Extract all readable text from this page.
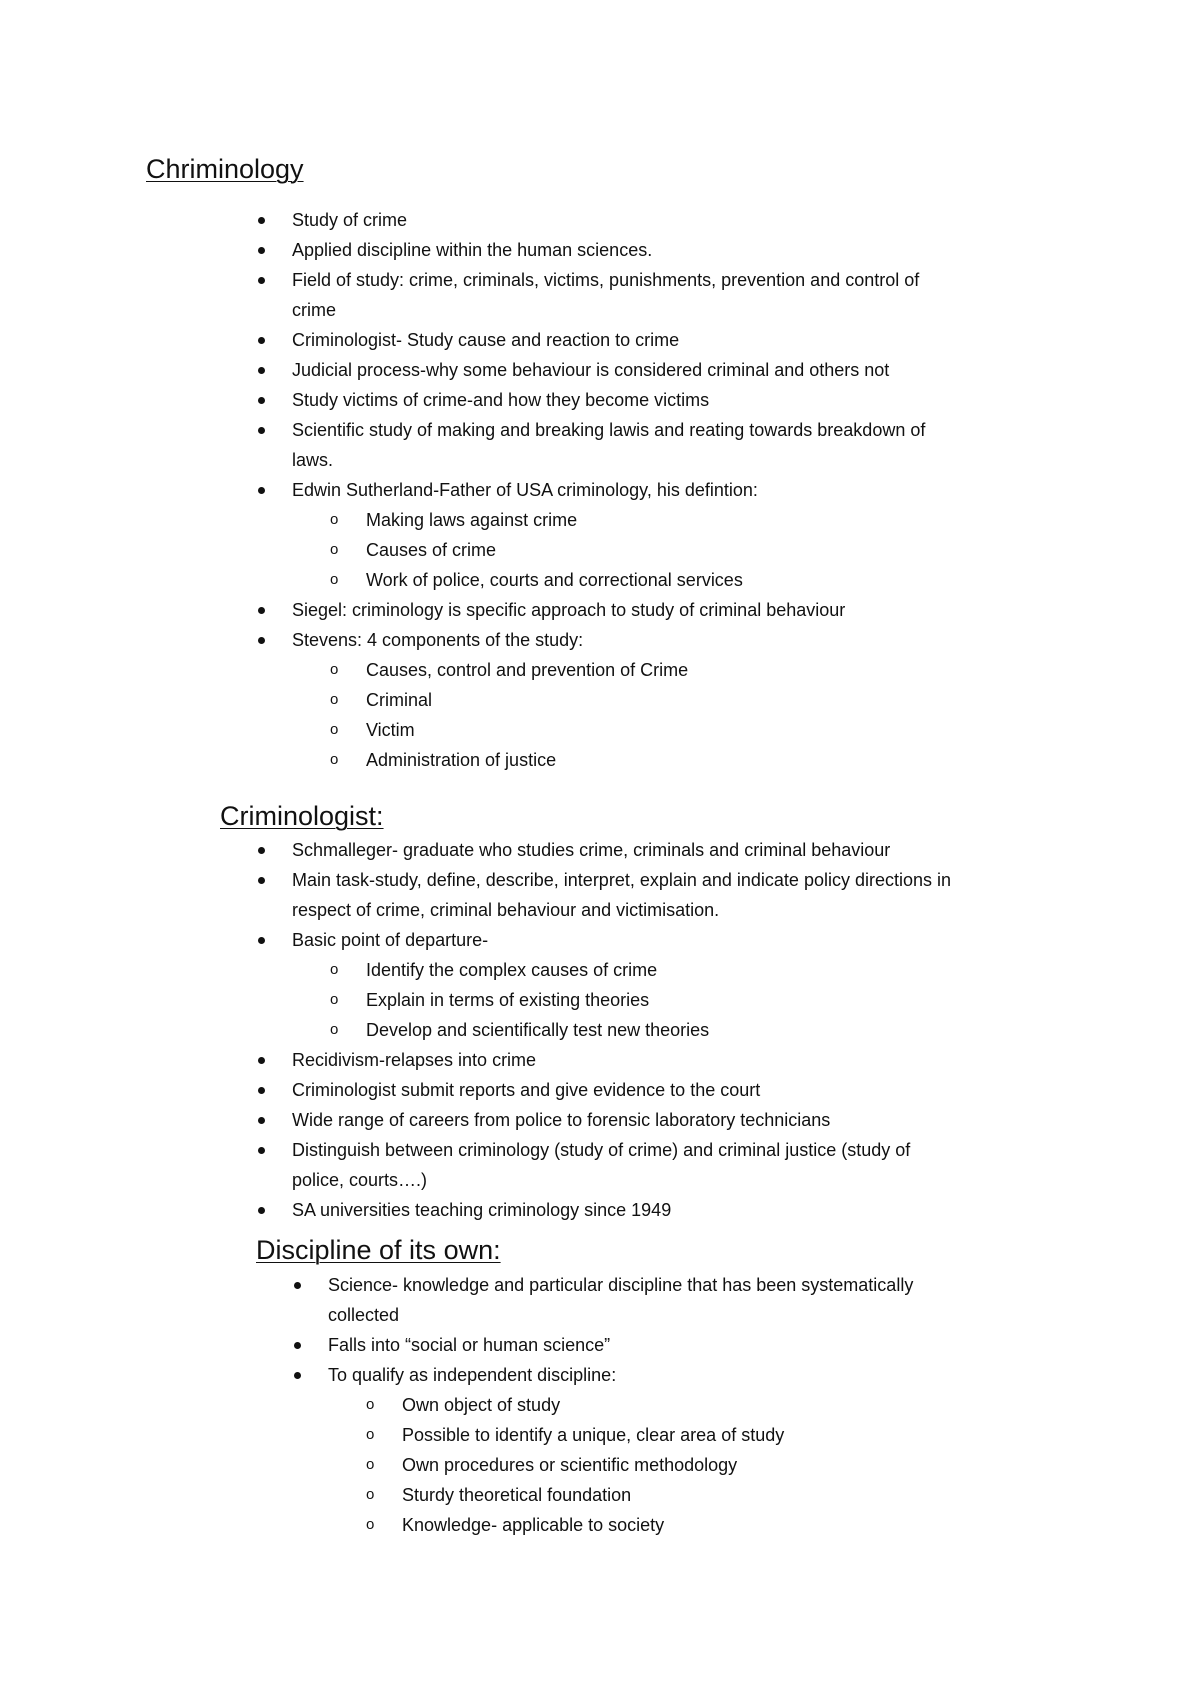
Chriminology
Study of crime
Applied discipline within the human sciences.
Field of study: crime, criminals, victims, punishments, prevention and control of
crime
Criminologist- Study cause and reaction to crime
Judicial process-why some behaviour is considered criminal and others not
Study victims of crime-and how they become victims
Scientific study of making and breaking lawis and reating towards breakdown of
laws.
Edwin Sutherland-Father of USA criminology, his defintion:
o Making laws against crime
o Causes of crime
o Work of police, courts and correctional services
Siegel: criminology is specific approach to study of criminal behaviour
Stevens: 4 components of the study:
o Causes, control and prevention of Crime
o Criminal
o Victim
o Administration of justice
Criminologist:
Schmalleger- graduate who studies crime, criminals and criminal behaviour
Main task-study, define, describe, interpret, explain and indicate policy directions in
respect of crime, criminal behaviour and victimisation.
Basic point of departure-
o Identify the complex causes of crime
o Explain in terms of existing theories
o Develop and scientifically test new theories
Recidivism-relapses into crime
Criminologist submit reports and give evidence to the court
Wide range of careers from police to forensic laboratory technicians
Distinguish between criminology (study of crime) and criminal justice (study of
police, courts….)
SA universities teaching criminology since 1949
Discipline of its own:
Science- knowledge and particular discipline that has been systematically
collected
Falls into “social or human science”
To qualify as independent discipline:
o Own object of study
o Possible to identify a unique, clear area of study
o Own procedures or scientific methodology
o Sturdy theoretical foundation
o Knowledge- applicable to society
